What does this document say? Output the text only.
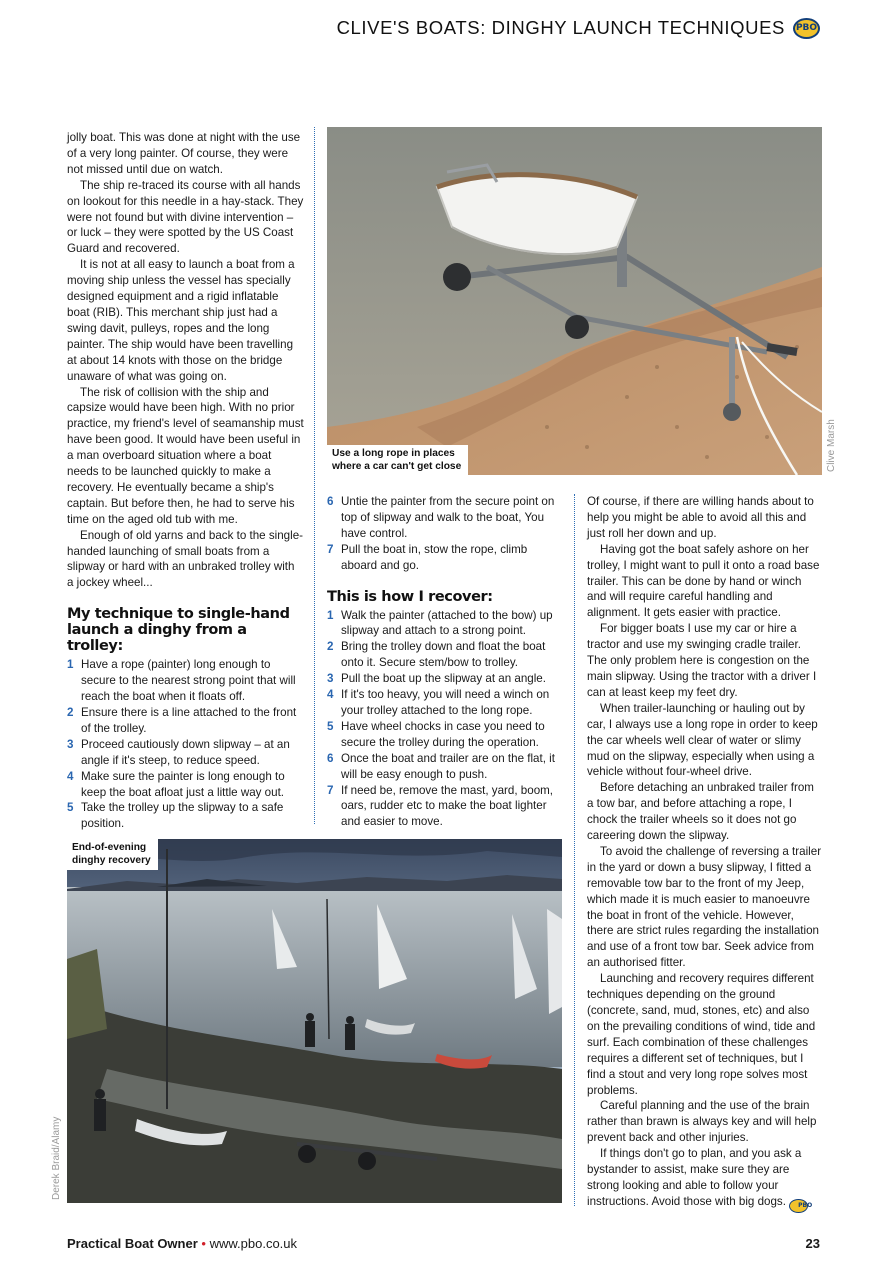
CLIVE'S BOATS: DINGHY LAUNCH TECHNIQUES	PBO

jolly boat. This was done at night with the use of a very long painter. Of course, they were not missed until due on watch.

The ship re-traced its course with all hands on lookout for this needle in a hay-stack. They were not found but with divine intervention – or luck – they were spotted by the US Coast Guard and recovered.

It is not at all easy to launch a boat from a moving ship unless the vessel has specially designed equipment and a rigid inflatable boat (RIB). This merchant ship just had a swing davit, pulleys, ropes and the long painter. The ship would have been travelling at about 14 knots with those on the bridge unaware of what was going on.

The risk of collision with the ship and capsize would have been high. With no prior practice, my friend's level of seamanship must have been good. It would have been useful in a man overboard situation where a boat needs to be launched quickly to make a recovery. He eventually became a ship's captain. But before then, he had to serve his time on the aged old tub with me.

Enough of old yarns and back to the single-handed launching of small boats from a slipway or hard with an unbraked trolley with a jockey wheel...

My technique to single-hand launch a dinghy from a trolley:
1 Have a rope (painter) long enough to secure to the nearest strong point that will reach the boat when it floats off.
2 Ensure there is a line attached to the front of the trolley.
3 Proceed cautiously down slipway – at an angle if it's steep, to reduce speed.
4 Make sure the painter is long enough to keep the boat afloat just a little way out.
5 Take the trolley up the slipway to a safe position.
Use a long rope in places
where a car can't get close	Clive Marsh
6 Untie the painter from the secure point on top of slipway and walk to the boat, You have control.
7 Pull the boat in, stow the rope, climb aboard and go.
This is how I recover:
1 Walk the painter (attached to the bow) up slipway and attach to a strong point.
2 Bring the trolley down and float the boat onto it. Secure stem/bow to trolley.
3 Pull the boat up the slipway at an angle.
4 If it's too heavy, you will need a winch on your trolley attached to the long rope.
5 Have wheel chocks in case you need to secure the trolley during the operation.
6 Once the boat and trailer are on the flat, it will be easy enough to push.
7 If need be, remove the mast, yard, boom, oars, rudder etc to make the boat lighter and easier to move.
End-of-evening
dinghy recovery
Derek Braid/Alamy

Of course, if there are willing hands about to help you might be able to avoid all this and just roll her down and up.

Having got the boat safely ashore on her trolley, I might want to pull it onto a road base trailer. This can be done by hand or winch and will require careful handling and alignment. It gets easier with practice.

For bigger boats I use my car or hire a tractor and use my swinging cradle trailer. The only problem here is congestion on the main slipway. Using the tractor with a driver I can at least keep my feet dry.

When trailer-launching or hauling out by car, I always use a long rope in order to keep the car wheels well clear of water or slimy mud on the slipway, especially when using a vehicle without four-wheel drive.

Before detaching an unbraked trailer from a tow bar, and before attaching a rope, I chock the trailer wheels so it does not go careering down the slipway.

To avoid the challenge of reversing a trailer in the yard or down a busy slipway, I fitted a removable tow bar to the front of my Jeep, which made it is much easier to manoeuvre the boat in front of the vehicle. However, there are strict rules regarding the installation and use of a front tow bar. Seek advice from an authorised fitter.

Launching and recovery requires different techniques depending on the ground (concrete, sand, mud, stones, etc) and also on the prevailing conditions of wind, tide and surf. Each combination of these challenges requires a different set of techniques, but I find a stout and very long rope solves most problems.

Careful planning and the use of the brain rather than brawn is always key and will help prevent back and other injuries.

If things don't go to plan, and you ask a bystander to assist, make sure they are strong looking and able to follow your instructions. Avoid those with big dogs. PBO

Practical Boat Owner • www.pbo.co.uk	23
